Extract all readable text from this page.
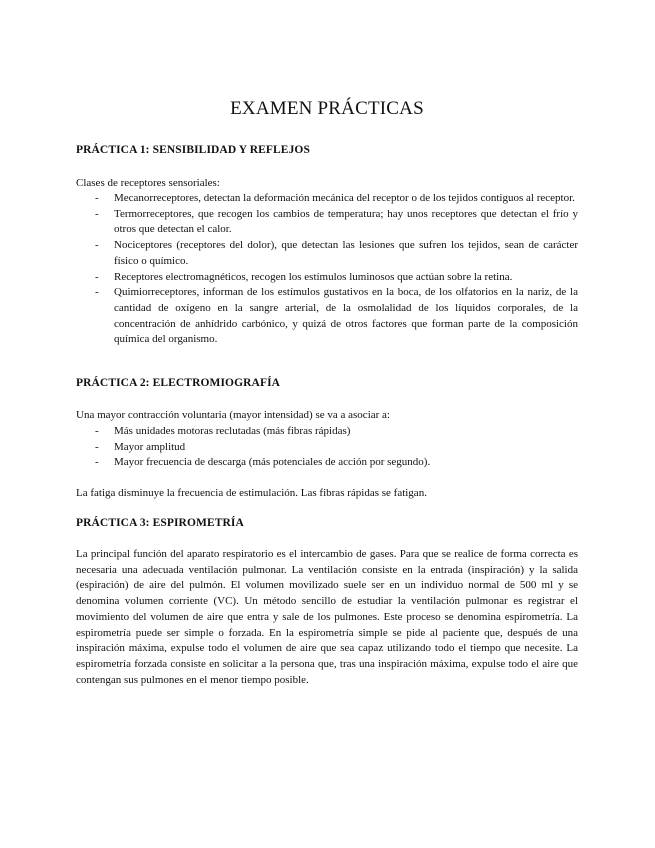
EXAMEN PRÁCTICAS
PRÁCTICA 1: SENSIBILIDAD Y REFLEJOS

Clases de receptores sensoriales:

- Mecanorreceptores, detectan la deformación mecánica del receptor o de los tejidos contiguos al receptor.
- Termorreceptores, que recogen los cambios de temperatura; hay unos receptores que detectan el frío y otros que detectan el calor.
- Nociceptores (receptores del dolor), que detectan las lesiones que sufren los tejidos, sean de carácter físico o químico.
- Receptores electromagnéticos, recogen los estímulos luminosos que actúan sobre la retina.
- Quimiorreceptores, informan de los estímulos gustativos en la boca, de los olfatorios en la nariz, de la cantidad de oxígeno en la sangre arterial, de la osmolalidad de los líquidos corporales, de la concentración de anhídrido carbónico, y quizá de otros factores que forman parte de la composición química del organismo.
PRÁCTICA 2: ELECTROMIOGRAFÍA

Una mayor contracción voluntaria (mayor intensidad) se va a asociar a:

- Más unidades motoras reclutadas (más fibras rápidas)
- Mayor amplitud
- Mayor frecuencia de descarga (más potenciales de acción por segundo).

La fatiga disminuye la frecuencia de estimulación. Las fibras rápidas se fatigan.

PRÁCTICA 3: ESPIROMETRÍA

La principal función del aparato respiratorio es el intercambio de gases. Para que se realice de forma correcta es necesaria una adecuada ventilación pulmonar. La ventilación consiste en la entrada (inspiración) y la salida (espiración) de aire del pulmón. El volumen movilizado suele ser en un individuo normal de 500 ml y se denomina volumen corriente (VC). Un método sencillo de estudiar la ventilación pulmonar es registrar el movimiento del volumen de aire que entra y sale de los pulmones. Este proceso se denomina espirometría. La espirometría puede ser simple o forzada. En la espirometría simple se pide al paciente que, después de una inspiración máxima, expulse todo el volumen de aire que sea capaz utilizando todo el tiempo que necesite. La espirometría forzada consiste en solicitar a la persona que, tras una inspiración máxima, expulse todo el aire que contengan sus pulmones en el menor tiempo posible.
